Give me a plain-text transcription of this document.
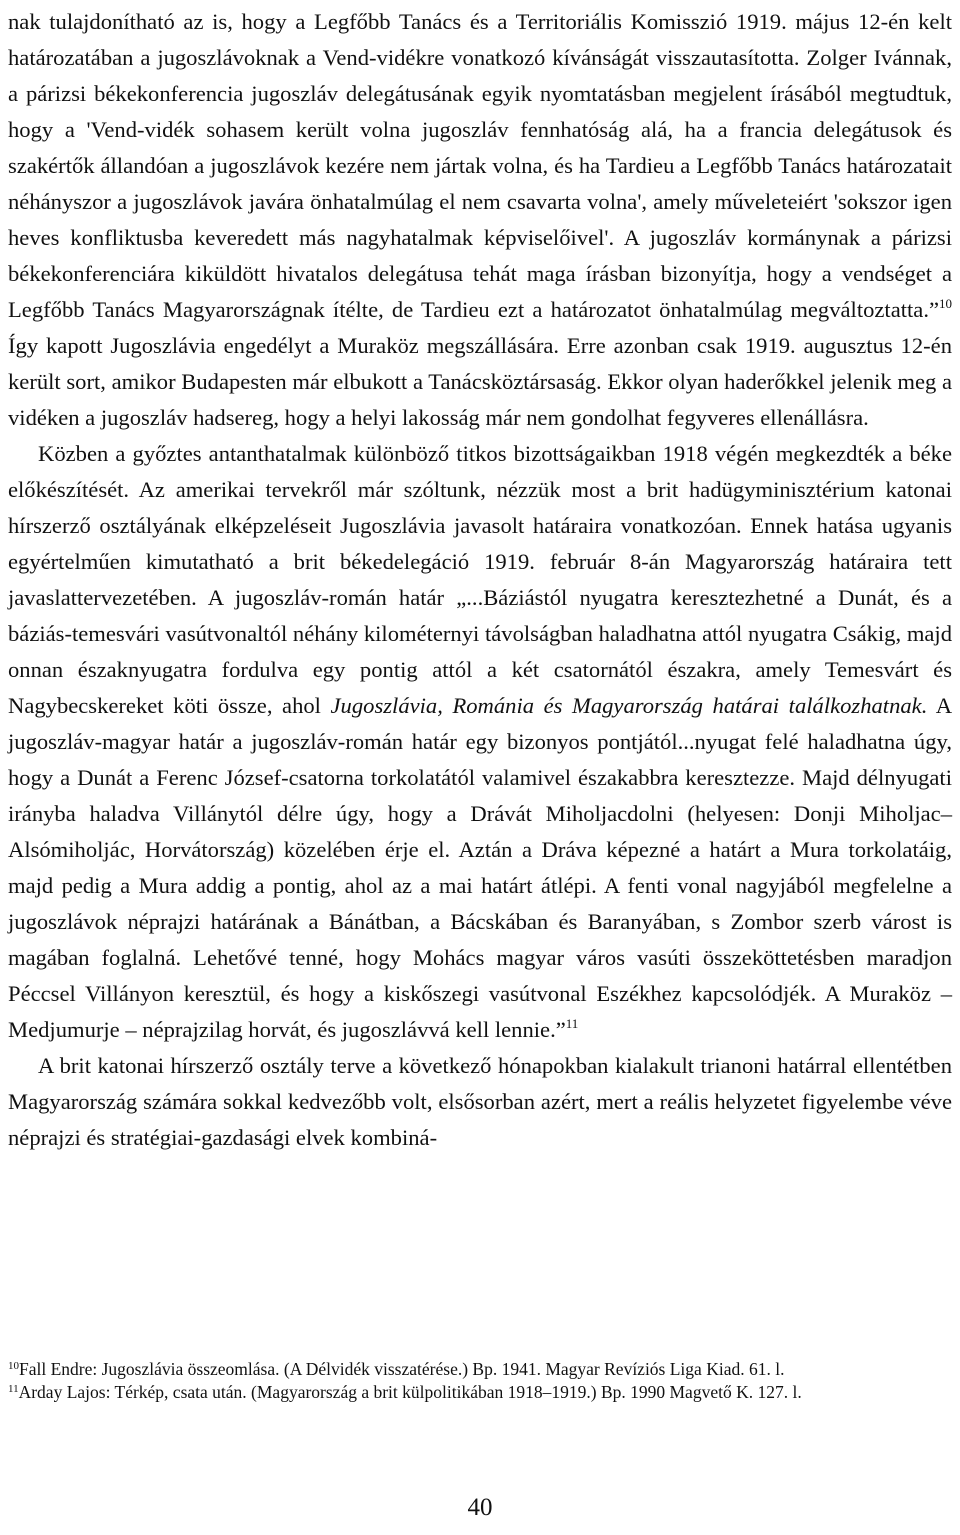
nak tulajdonítható az is, hogy a Legfőbb Tanács és a Territoriális Komisszió 1919. május 12-én kelt határozatában a jugoszlávoknak a Vend-vidékre vonatkozó kívánságát visszautasította. Zolger Ivánnak, a párizsi békekonferencia jugoszláv delegátusának egyik nyomtatásban megjelent írásából megtudtuk, hogy a 'Vend-vidék sohasem került volna jugoszláv fennhatóság alá, ha a francia delegátusok és szakértők állandóan a jugoszlávok kezére nem jártak volna, és ha Tardieu a Legfőbb Tanács határozatait néhányszor a jugoszlávok javára önhatalmúlag el nem csavarta volna', amely műveleteiért 'sokszor igen heves konfliktusba keveredett más nagyhatalmak képviselőivel'. A jugoszláv kormánynak a párizsi békekonferenciára kiküldött hivatalos delegátusa tehát maga írásban bizonyítja, hogy a vendséget a Legfőbb Tanács Magyarországnak ítélte, de Tardieu ezt a határozatot önhatalmúlag megváltoztatta.”$^{10}$ Így kapott Jugoszlávia engedélyt a Muraköz megszállására. Erre azonban csak 1919. augusztus 12-én került sort, amikor Budapesten már elbukott a Tanácsköztársaság. Ekkor olyan haderőkkel jelenik meg a vidéken a jugoszláv hadsereg, hogy a helyi lakosság már nem gondolhat fegyveres ellenállásra.

Közben a győztes antanthatalmak különböző titkos bizottságaikban 1918 végén megkezdték a béke előkészítését. Az amerikai tervekről már szóltunk, nézzük most a brit hadügyminisztérium katonai hírszerző osztályának elképzeléseit Jugoszlávia javasolt határaira vonatkozóan. Ennek hatása ugyanis egyértelműen kimutatható a brit békedelegáció 1919. február 8-án Magyarország határaira tett javaslattervezetében. A jugoszláv-román határ „...Báziástól nyugatra keresztezhetné a Dunát, és a báziás-temesvári vasútvonaltól néhány kilométernyi távolságban haladhatna attól nyugatra Csákig, majd onnan északnyugatra fordulva egy pontig attól a két csatornától északra, amely Temesvárt és Nagybecskereket köti össze, ahol Jugoszlávia, Románia és Magyarország határai találkozhatnak. A jugoszláv-magyar határ a jugoszláv-román határ egy bizonyos pontjától...nyugat felé haladhatna úgy, hogy a Dunát a Ferenc József-csatorna torkolatától valamivel északabbra keresztezze. Majd délnyugati irányba haladva Villánytól délre úgy, hogy a Drávát Miholjacdolni (helyesen: Donji Miholjac–Alsómiholjác, Horvátország) közelében érje el. Aztán a Dráva képezné a határt a Mura torkolatáig, majd pedig a Mura addig a pontig, ahol az a mai határt átlépi. A fenti vonal nagyjából megfelelne a jugoszlávok néprajzi határának a Bánátban, a Bácskában és Baranyában, s Zombor szerb várost is magában foglalná. Lehetővé tenné, hogy Mohács magyar város vasúti összeköttetésben maradjon Péccsel Villányon keresztül, és hogy a kiskőszegi vasútvonal Eszékhez kapcsolódjék. A Muraköz – Medjumurje – néprajzilag horvát, és jugoszlávvá kell lennie.”$^{11}$

A brit katonai hírszerző osztály terve a következő hónapokban kialakult trianoni határral ellentétben Magyarország számára sokkal kedvezőbb volt, elsősorban azért, mert a reális helyzetet figyelembe véve néprajzi és stratégiai-gazdasági elvek kombiná-

$^{10}$Fall Endre: Jugoszlávia összeomlása. (A Délvidék visszatérése.) Bp. 1941. Magyar Revíziós Liga Kiad. 61. l.

$^{11}$Arday Lajos: Térkép, csata után. (Magyarország a brit külpolitikában 1918–1919.) Bp. 1990 Magvető K. 127. l.

40
